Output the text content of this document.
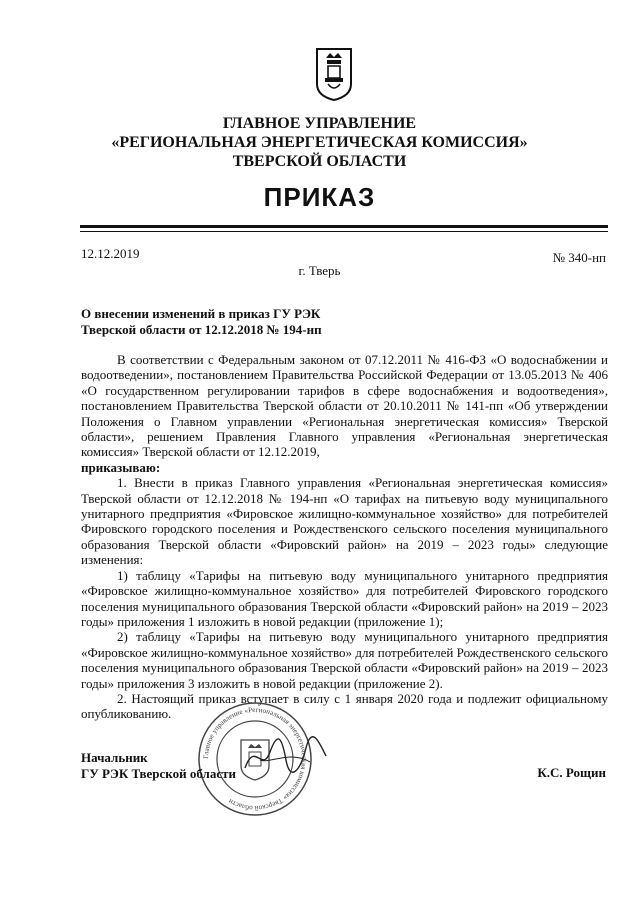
ГЛАВНОЕ УПРАВЛЕНИЕ
«РЕГИОНАЛЬНАЯ ЭНЕРГЕТИЧЕСКАЯ КОМИССИЯ»
ТВЕРСКОЙ ОБЛАСТИ
ПРИКАЗ
12.12.2019	№ 340-нп
г. Тверь
О внесении изменений в приказ ГУ РЭК
Тверской области от 12.12.2018 № 194-нп

В соответствии с Федеральным законом от 07.12.2011 № 416-ФЗ «О водоснабжении и водоотведении», постановлением Правительства Российской Федерации от 13.05.2013 № 406 «О государственном регулировании тарифов в сфере водоснабжения и водоотведения», постановлением Правительства Тверской области от 20.10.2011 № 141-пп «Об утверждении Положения о Главном управлении «Региональная энергетическая комиссия» Тверской области», решением Правления Главного управления «Региональная энергетическая комиссия» Тверской области от 12.12.2019,

приказываю:

1. Внести в приказ Главного управления «Региональная энергетическая комиссия» Тверской области от 12.12.2018 № 194-нп «О тарифах на питьевую воду муниципального унитарного предприятия «Фировское жилищно-коммунальное хозяйство» для потребителей Фировского городского поселения и Рождественского сельского поселения муниципального образования Тверской области «Фировский район» на 2019 – 2023 годы» следующие изменения:

1) таблицу «Тарифы на питьевую воду муниципального унитарного предприятия «Фировское жилищно-коммунальное хозяйство» для потребителей Фировского городского поселения муниципального образования Тверской области «Фировский район» на 2019 – 2023 годы» приложения 1 изложить в новой редакции (приложение 1);

2) таблицу «Тарифы на питьевую воду муниципального унитарного предприятия «Фировское жилищно-коммунальное хозяйство» для потребителей Рождественского сельского поселения муниципального образования Тверской области «Фировский район» на 2019 – 2023 годы» приложения 3 изложить в новой редакции (приложение 2).

2. Настоящий приказ вступает в силу с 1 января 2020 года и подлежит официальному опубликованию.

Главное управление «Региональная энергетическая комиссия» Тверской области
Начальник
ГУ РЭК Тверской области	К.С. Рощин
